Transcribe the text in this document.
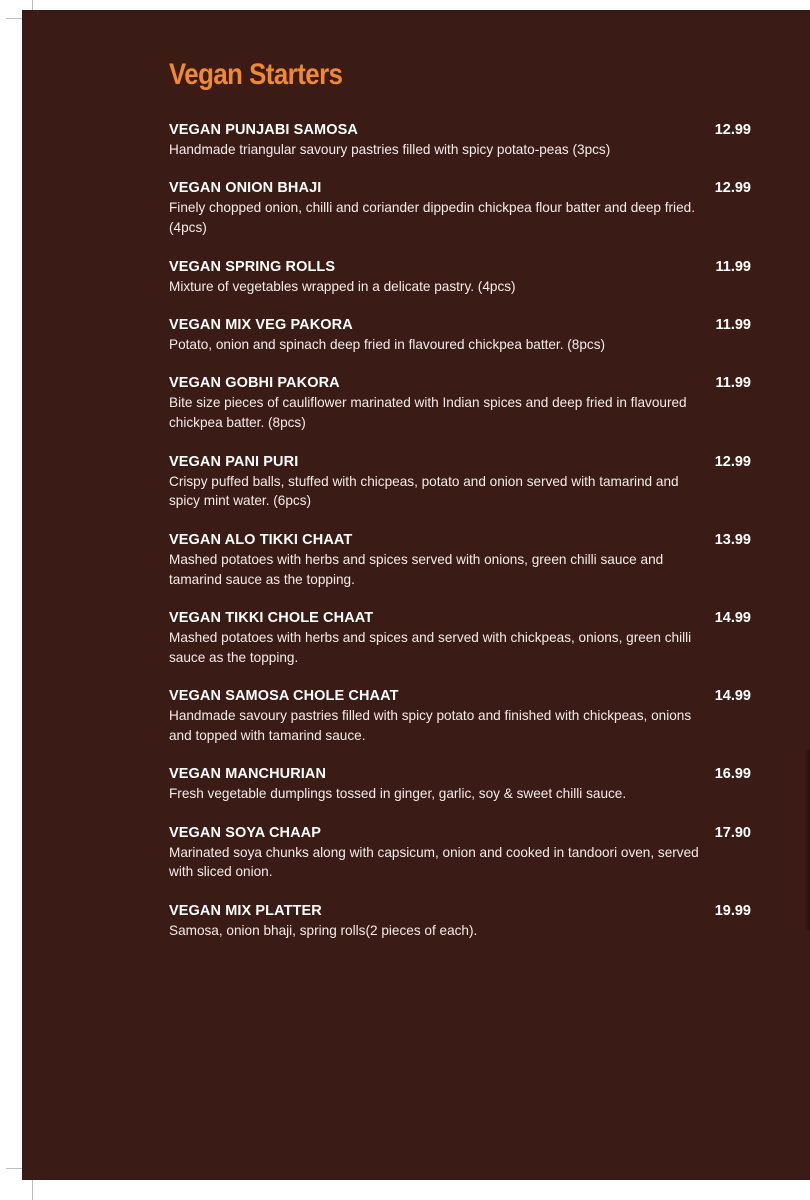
Vegan Starters
VEGAN PUNJABI SAMOSA	12.99
Handmade triangular savoury pastries filled with spicy potato-peas (3pcs)
VEGAN ONION BHAJI	12.99
Finely chopped onion, chilli and coriander dippedin chickpea flour batter and deep fried.(4pcs)
VEGAN SPRING ROLLS	11.99
Mixture of vegetables wrapped in a delicate pastry. (4pcs)
VEGAN MIX VEG PAKORA	11.99
Potato, onion and spinach deep fried in flavoured chickpea batter. (8pcs)
VEGAN GOBHI PAKORA	11.99
Bite size pieces of cauliflower marinated with Indian spices and deep fried in flavoured chickpea batter. (8pcs)
VEGAN PANI PURI	12.99
Crispy puffed balls, stuffed with chicpeas, potato and onion served with tamarind and spicy mint water. (6pcs)
VEGAN ALO TIKKI CHAAT	13.99
Mashed potatoes with herbs and spices served with onions, green chilli sauce and tamarind sauce as the topping.
VEGAN TIKKI CHOLE CHAAT	14.99
Mashed potatoes with herbs and spices and served with chickpeas, onions, green chilli sauce as the topping.
VEGAN SAMOSA CHOLE CHAAT	14.99
Handmade savoury pastries filled with spicy potato and finished with chickpeas, onions and topped with tamarind sauce.
VEGAN MANCHURIAN	16.99
Fresh vegetable dumplings tossed in ginger, garlic, soy & sweet chilli sauce.
VEGAN SOYA CHAAP	17.90
Marinated soya chunks along with capsicum, onion and cooked in tandoori oven, served with sliced onion.
VEGAN MIX PLATTER	19.99
Samosa, onion bhaji, spring rolls(2 pieces of each).
